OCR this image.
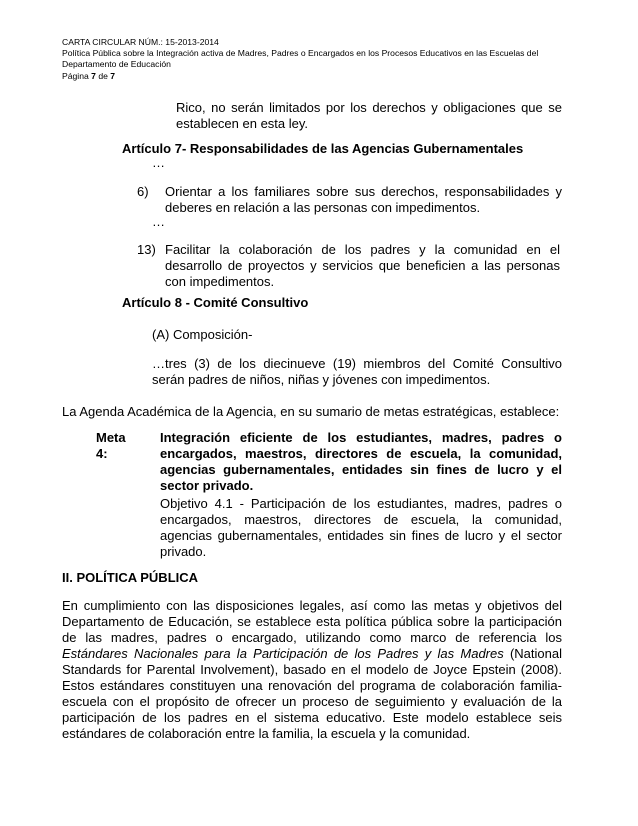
CARTA CIRCULAR NÚM.: 15-2013-2014
Política Pública sobre la Integración activa de Madres, Padres o Encargados en los Procesos Educativos en las Escuelas del
Departamento de Educación
Página 7 de 7
Rico, no serán limitados por los derechos y obligaciones que se establecen en esta ley.
Artículo 7- Responsabilidades de las Agencias Gubernamentales
…
6) Orientar a los familiares sobre sus derechos, responsabilidades y deberes en relación a las personas con impedimentos.
…
13) Facilitar la colaboración de los padres y la comunidad en el desarrollo de proyectos y servicios que beneficien a las personas con impedimentos.
Artículo 8 - Comité Consultivo
(A) Composición-
…tres (3) de los diecinueve (19) miembros del Comité Consultivo serán padres de niños, niñas y jóvenes con impedimentos.
La Agenda Académica de la Agencia, en su sumario de metas estratégicas, establece:
Meta 4:
Integración eficiente de los estudiantes, madres, padres o encargados, maestros, directores de escuela, la comunidad, agencias gubernamentales, entidades sin fines de lucro y el sector privado.
Objetivo 4.1 - Participación de los estudiantes, madres, padres o encargados, maestros, directores de escuela, la comunidad, agencias gubernamentales, entidades sin fines de lucro y el sector privado.
II. POLÍTICA PÚBLICA
En cumplimiento con las disposiciones legales, así como las metas y objetivos del Departamento de Educación, se establece esta política pública sobre la participación de las madres, padres o encargado, utilizando como marco de referencia los Estándares Nacionales para la Participación de los Padres y las Madres (National Standards for Parental Involvement), basado en el modelo de Joyce Epstein (2008). Estos estándares constituyen una renovación del programa de colaboración familia-escuela con el propósito de ofrecer un proceso de seguimiento y evaluación de la participación de los padres en el sistema educativo. Este modelo establece seis estándares de colaboración entre la familia, la escuela y la comunidad.
